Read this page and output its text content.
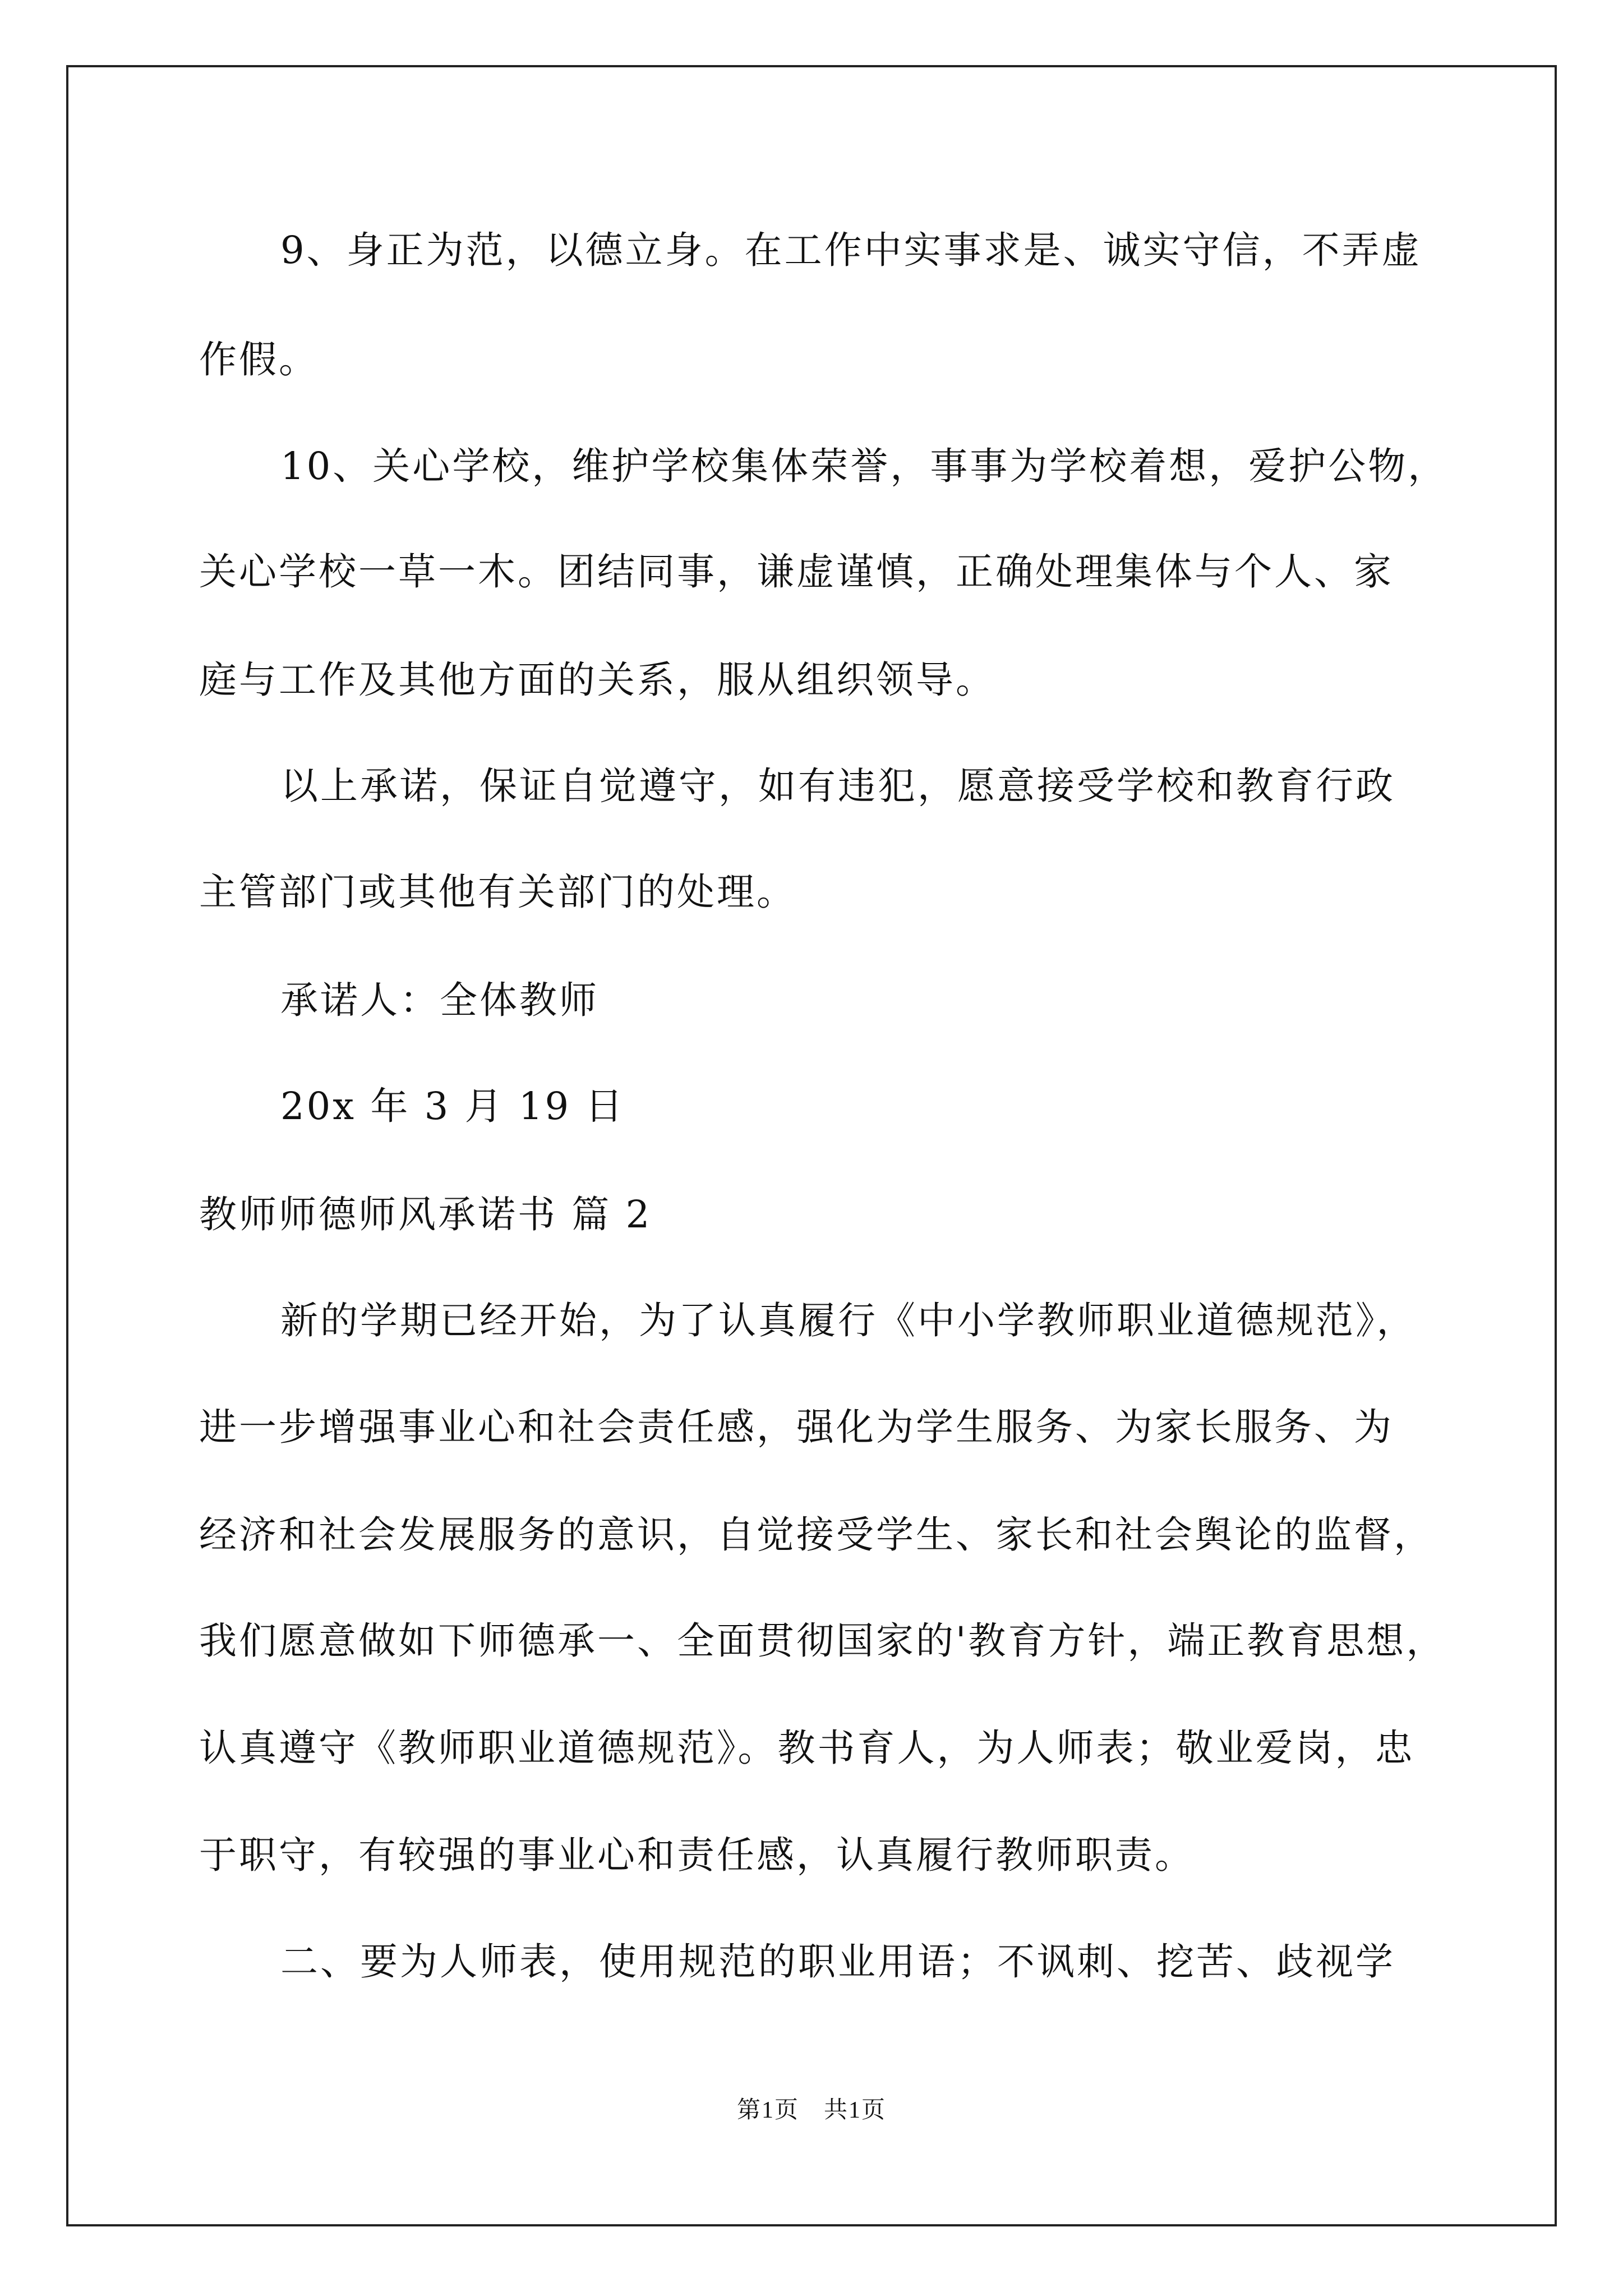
9、身正为范，以德立身。在工作中实事求是、诚实守信，不弄虚
作假。
10、关心学校，维护学校集体荣誉，事事为学校着想，爱护公物，
关心学校一草一木。团结同事，谦虚谨慎，正确处理集体与个人、家
庭与工作及其他方面的关系，服从组织领导。
以上承诺，保证自觉遵守，如有违犯，愿意接受学校和教育行政
主管部门或其他有关部门的处理。
承诺人：全体教师
20x 年 3 月 19 日
教师师德师风承诺书 篇 2
新的学期已经开始，为了认真履行《中小学教师职业道德规范》，
进一步增强事业心和社会责任感，强化为学生服务、为家长服务、为
经济和社会发展服务的意识，自觉接受学生、家长和社会舆论的监督，
我们愿意做如下师德承一、全面贯彻国家的'教育方针，端正教育思想，
认真遵守《教师职业道德规范》。教书育人，为人师表；敬业爱岗，忠
于职守，有较强的事业心和责任感，认真履行教师职责。
二、要为人师表，使用规范的职业用语；不讽刺、挖苦、歧视学
第1页　共1页
